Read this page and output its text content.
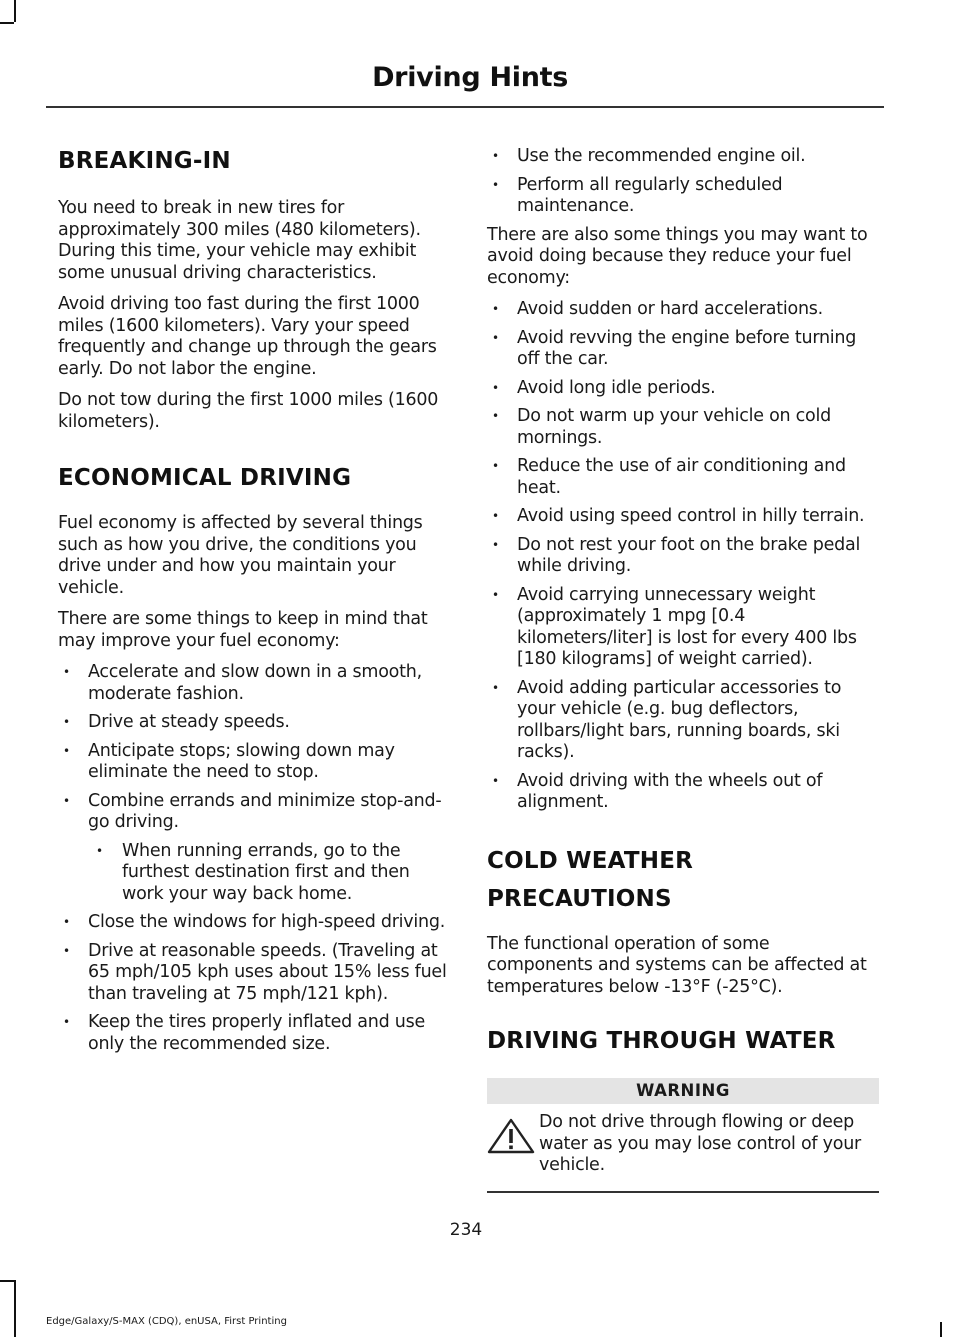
Driving Hints
BREAKING-IN

You need to break in new tires for approximately 300 miles (480 kilometers). During this time, your vehicle may exhibit some unusual driving characteristics.

Avoid driving too fast during the first 1000 miles (1600 kilometers). Vary your speed frequently and change up through the gears early. Do not labor the engine.

Do not tow during the first 1000 miles (1600 kilometers).

ECONOMICAL DRIVING

Fuel economy is affected by several things such as how you drive, the conditions you drive under and how you maintain your vehicle.

There are some things to keep in mind that may improve your fuel economy:

• Accelerate and slow down in a smooth, moderate fashion.
• Drive at steady speeds.
• Anticipate stops; slowing down may eliminate the need to stop.
• Combine errands and minimize stop-and-go driving.
• When running errands, go to the furthest destination first and then work your way back home.
• Close the windows for high-speed driving.
• Drive at reasonable speeds. (Traveling at 65 mph/105 kph uses about 15% less fuel than traveling at 75 mph/121 kph).
• Keep the tires properly inflated and use only the recommended size.
• Use the recommended engine oil.
• Perform all regularly scheduled maintenance.

There are also some things you may want to avoid doing because they reduce your fuel economy:

• Avoid sudden or hard accelerations.
• Avoid revving the engine before turning off the car.
• Avoid long idle periods.
• Do not warm up your vehicle on cold mornings.
• Reduce the use of air conditioning and heat.
• Avoid using speed control in hilly terrain.
• Do not rest your foot on the brake pedal while driving.
• Avoid carrying unnecessary weight (approximately 1 mpg [0.4 kilometers/liter] is lost for every 400 lbs [180 kilograms] of weight carried).
• Avoid adding particular accessories to your vehicle (e.g. bug deflectors, rollbars/light bars, running boards, ski racks).
• Avoid driving with the wheels out of alignment.
COLD WEATHER
PRECAUTIONS

The functional operation of some components and systems can be affected at temperatures below -13°F (-25°C).

DRIVING THROUGH WATER
WARNING
Do not drive through flowing or deep water as you may lose control of your vehicle.
234
Edge/Galaxy/S-MAX (CDQ), enUSA, First Printing
